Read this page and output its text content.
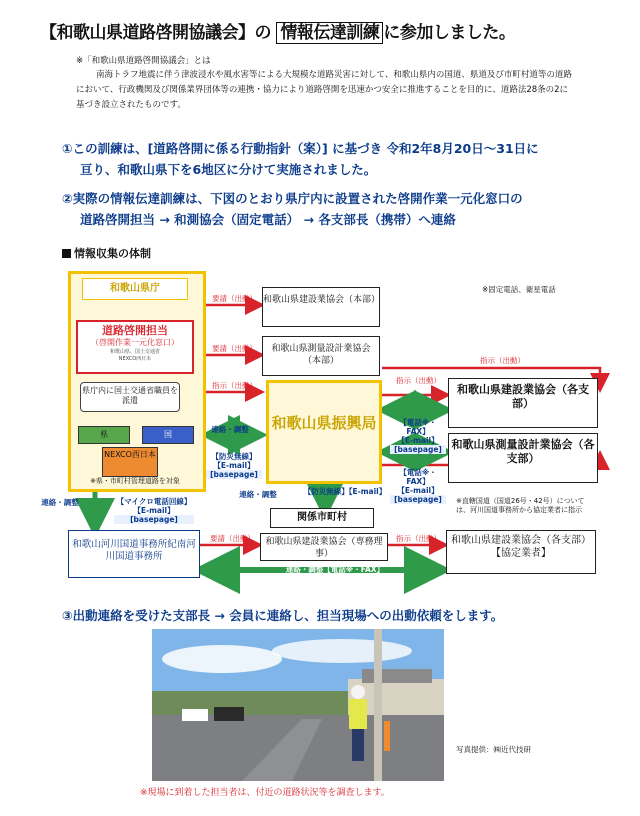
【和歌山県道路啓開協議会】の 情報伝達訓練 に参加しました。
※「和歌山県道路啓開協議会」とは
南海トラフ地震に伴う津波浸水や風水害等による大規模な道路災害に対して、和歌山県内の国道、県道及び市町村道等の道路において、行政機関及び関係業界団体等の連携・協力により道路啓開を迅速かつ安全に推進することを目的に、道路法28条の2に基づき設立されたものです。
①この訓練は、[道路啓開に係る行動指針（案）] に基づき 令和2年8月20日～31日に
亘り、和歌山県下を6地区に分けて実施されました。
②実際の情報伝達訓練は、下図のとおり県庁内に設置された啓開作業一元化窓口の
道路啓開担当 → 和測協会（固定電話） → 各支部長（携帯）へ連絡
情報収集の体制
和歌山県庁
道路啓開担当
（啓開作業一元化窓口）
和歌山県、国土交通省
NEXCO西日本
県庁内に国土交通省職員を派遣
県	国
NEXCO西日本
※県・市町村管理道路を対象
要請（出動） 和歌山県建設業協会（本部）
要請（出動）	和歌山県測量設計業協会（本部）
指示（出動）
和歌山県振興局
連絡・調整
【防災無線】
【E-mail】
[basepage]
※固定電話、衛星電話
指示（出動）
指示（出動）
和歌山県建設業協会（各支部）
和歌山県測量設計業協会（各支部）
【電話※・FAX】
【E-mail】
[basepage]
【電話※・FAX】
【E-mail】
[basepage]	※直轄国道（国道26号・42号）については、河川国道事務所から協定業者に指示
連絡・調整	【防災無線】【E-mail】
関係市町村
連絡・調整	【マイクロ電話回線】
【E-mail】
[basepage]
和歌山河川国道事務所紀南河川国道事務所
要請（出動）	和歌山県建設業協会（専務理事）
指示（出動）	和歌山県建設業協会（各支部）【協定業者】
連絡・調整【電話※・FAX】
③出動連絡を受けた支部長 → 会員に連絡し、担当現場への出動依頼をします。
写真提供：㈱近代技研
※現場に到着した担当者は、付近の道路状況等を調査します。
